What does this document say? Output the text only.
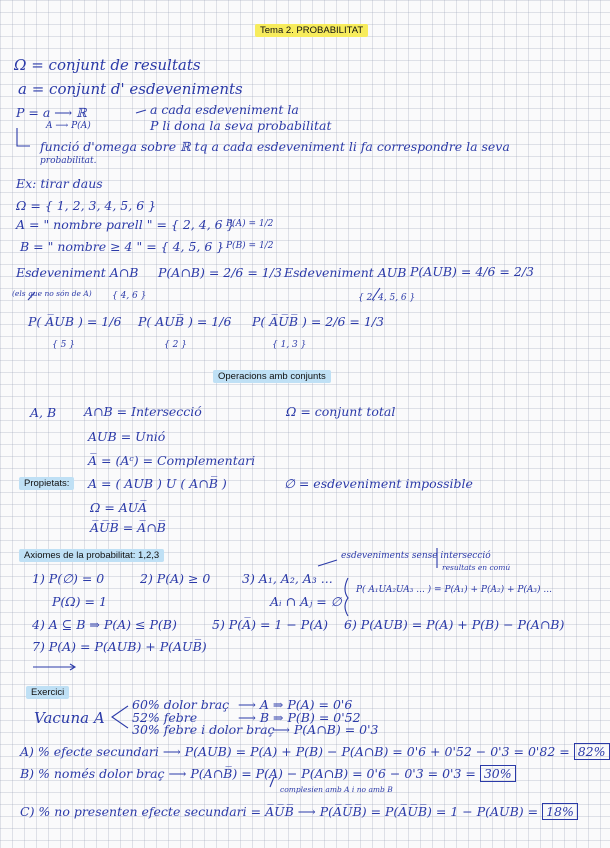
Tema 2. PROBABILITAT
Operacions amb conjunts
Propietats:
Axiomes de la probabilitat: 1,2,3
Exercici
Ω = conjunt de resultats
a = conjunt d' esdeveniments
P = a ⟶ ℝ	a cada esdeveniment la
A ⟶ P(A)	P li dona la seva probabilitat
funció d'omega sobre ℝ tq a cada esdeveniment li fa correspondre la seva
probabilitat.
Ex: tirar daus
Ω = { 1, 2, 3, 4, 5, 6 }
A = " nombre parell " = { 2, 4, 6 }
P(A) = 1/2
B = " nombre ≥ 4 " = { 4, 5, 6 } P(B) = 1/2
Esdeveniment A∩B P(A∩B) = 2/6 = 1/3 Esdeveniment AUB P(AUB) = 4/6 = 2/3
(els que no són de A) { 4, 6 }	{ 2, 4, 5, 6 }
P( A̅UB ) = 1/6 P( AUB̅ ) = 1/6 P( A̅U̅B̅ ) = 2/6 = 1/3
{ 5 }	{ 2 }	{ 1, 3 }
A, B A∩B = Intersecció	Ω = conjunt total
AUB = Unió
A̅ = (Aᶜ) = Complementari
A = ( AUB ) U ( A∩B̅ )	∅ = esdeveniment impossible
Ω = AUA̅
A̅U̅B̅ = A̅∩B̅
esdeveniments sense intersecció
resultats en comú
1) P(∅) = 0	2) P(A) ≥ 0	3) A₁, A₂, A₃ ...
P(Ω) = 1	Aᵢ ∩ Aⱼ = ∅
P( A₁UA₂UA₃ ... ) = P(A₁) + P(A₂) + P(A₃) ...
4) A ⊆ B ⇒ P(A) ≤ P(B)	5) P(A̅) = 1 − P(A) 6) P(AUB) = P(A) + P(B) − P(A∩B)
7) P(A) = P(AUB) + P(AUB̅)
Vacuna A
60% dolor braç ⟶ A ⇒ P(A) = 0'6
52% febre	⟶ B ⇒ P(B) = 0'52
30% febre i dolor braç
⟶ P(A∩B) = 0'3
A) % efecte secundari ⟶ P(AUB) = P(A) + P(B) − P(A∩B) = 0'6 + 0'52 − 0'3 = 0'82 = 82%
B) % només dolor braç ⟶ P(A∩B̅) = P(A) − P(A∩B) = 0'6 − 0'3 = 0'3 = 30%
complesien amb A i no amb B
C) % no presenten efecte secundari = A̅U̅B̅ ⟶ P(A̅U̅B̅) = P(A̅U̅B̅) = 1 − P(AUB) = 18%
